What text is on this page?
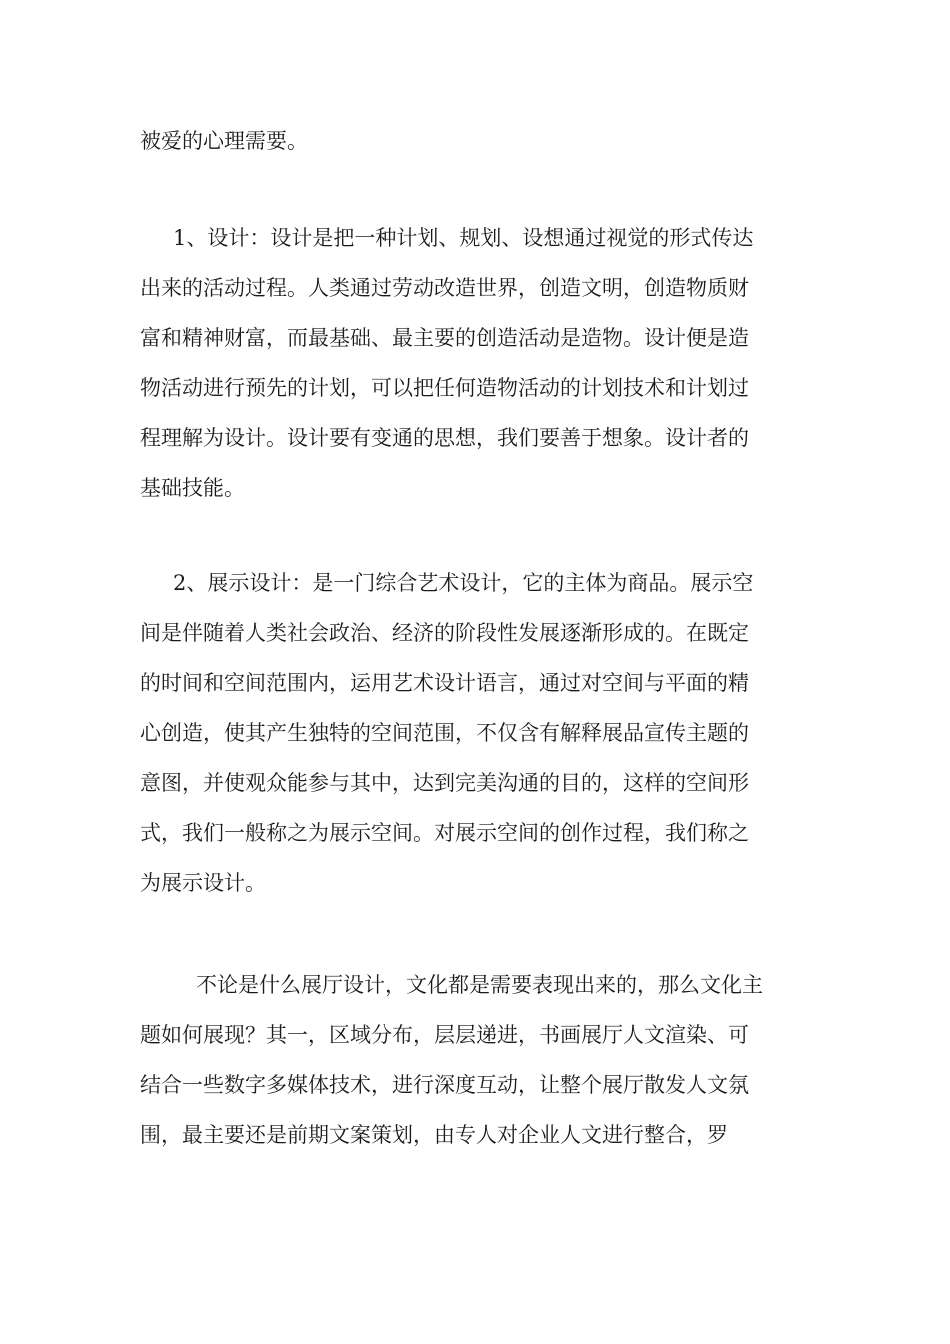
被爱的心理需要。

1、设计：设计是把一种计划、规划、设想通过视觉的形式传达
出来的活动过程。人类通过劳动改造世界，创造文明，创造物质财
富和精神财富，而最基础、最主要的创造活动是造物。设计便是造
物活动进行预先的计划，可以把任何造物活动的计划技术和计划过
程理解为设计。设计要有变通的思想，我们要善于想象。设计者的
基础技能。

2、展示设计：是一门综合艺术设计，它的主体为商品。展示空
间是伴随着人类社会政治、经济的阶段性发展逐渐形成的。在既定
的时间和空间范围内，运用艺术设计语言，通过对空间与平面的精
心创造，使其产生独特的空间范围，不仅含有解释展品宣传主题的
意图，并使观众能参与其中，达到完美沟通的目的，这样的空间形
式，我们一般称之为展示空间。对展示空间的创作过程，我们称之
为展示设计。

不论是什么展厅设计，文化都是需要表现出来的，那么文化主
题如何展现？其一，区域分布，层层递进，书画展厅人文渲染、可
结合一些数字多媒体技术，进行深度互动，让整个展厅散发人文氛
围，最主要还是前期文案策划，由专人对企业人文进行整合，罗
